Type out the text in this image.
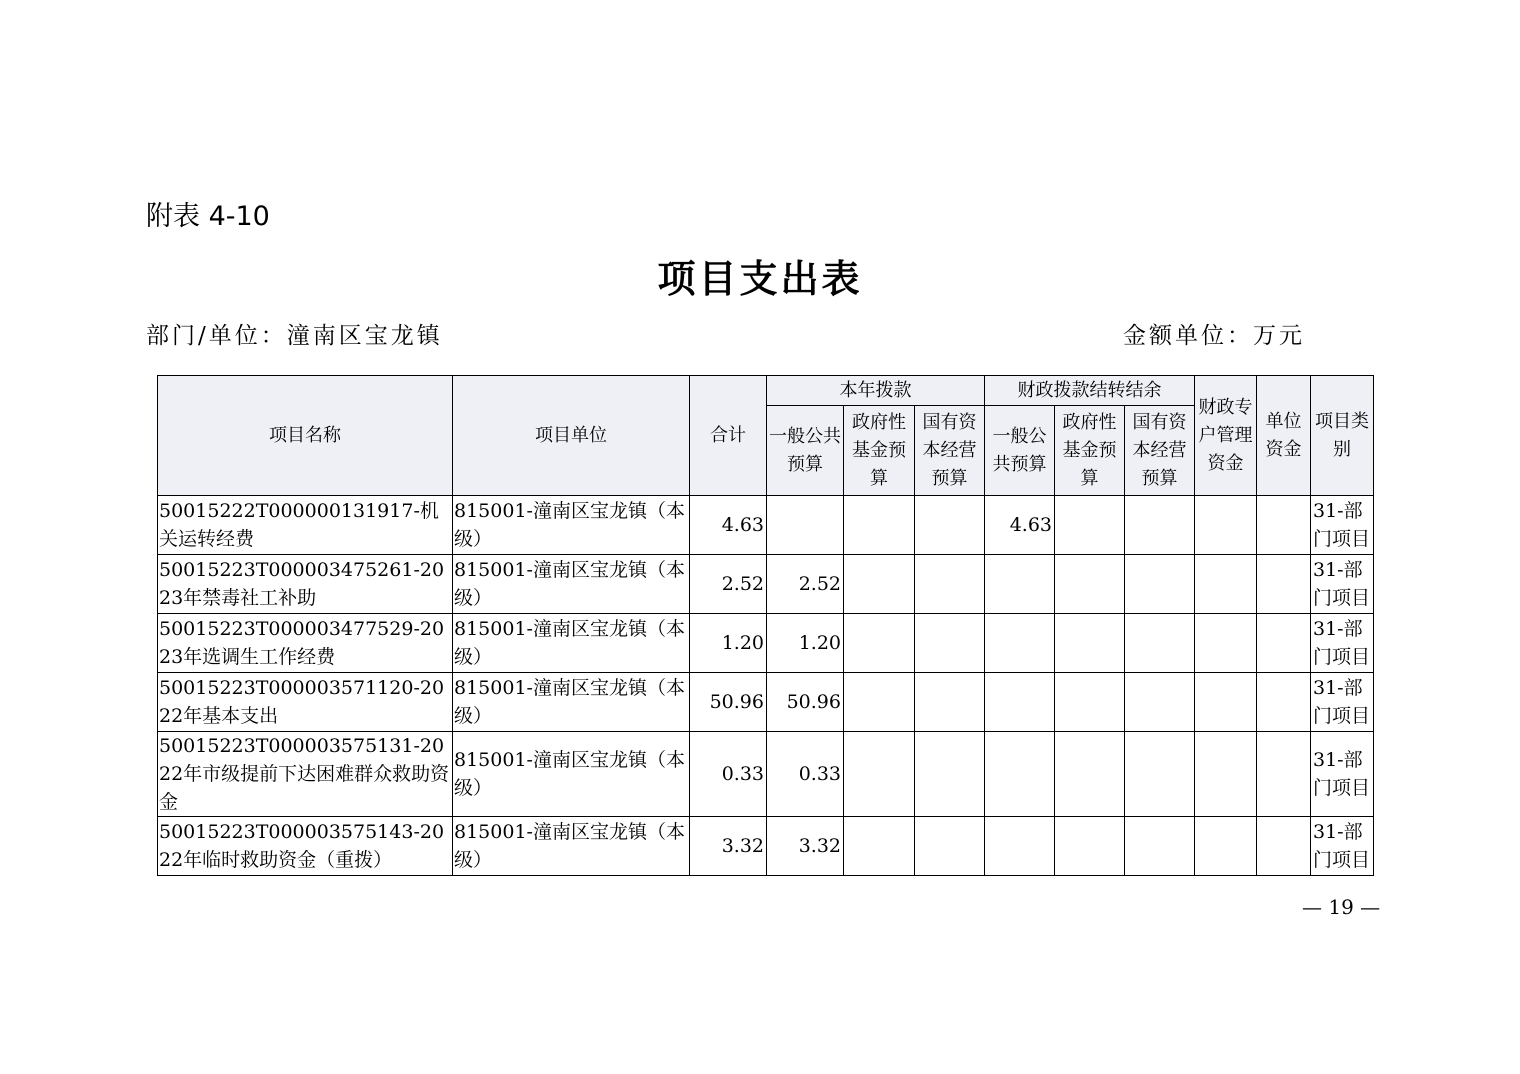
附表 4-10
项目支出表
部门/单位：潼南区宝龙镇	金额单位：万元
项目名称	项目单位	合计	本年拨款			财政拨款结转结余			财政专户管理资金	单位资金	项目类别
			一般公共预算	政府性基金预算	国有资本经营预算	一般公共预算	政府性基金预算	国有资本经营预算			
50015222T000000131917-机关运转经费	815001-潼南区宝龙镇（本级）	4.63				4.63					31-部门项目
50015223T000003475261-2023年禁毒社工补助	815001-潼南区宝龙镇（本级）	2.52	2.52								31-部门项目
50015223T000003477529-2023年选调生工作经费	815001-潼南区宝龙镇（本级）	1.20	1.20								31-部门项目
50015223T000003571120-2022年基本支出	815001-潼南区宝龙镇（本级）	50.96	50.96								31-部门项目
50015223T000003575131-2022年市级提前下达困难群众救助资金	815001-潼南区宝龙镇（本级）	0.33	0.33								31-部门项目
50015223T000003575143-2022年临时救助资金（重拨）	815001-潼南区宝龙镇（本级）	3.32	3.32								31-部门项目
— 19 —
